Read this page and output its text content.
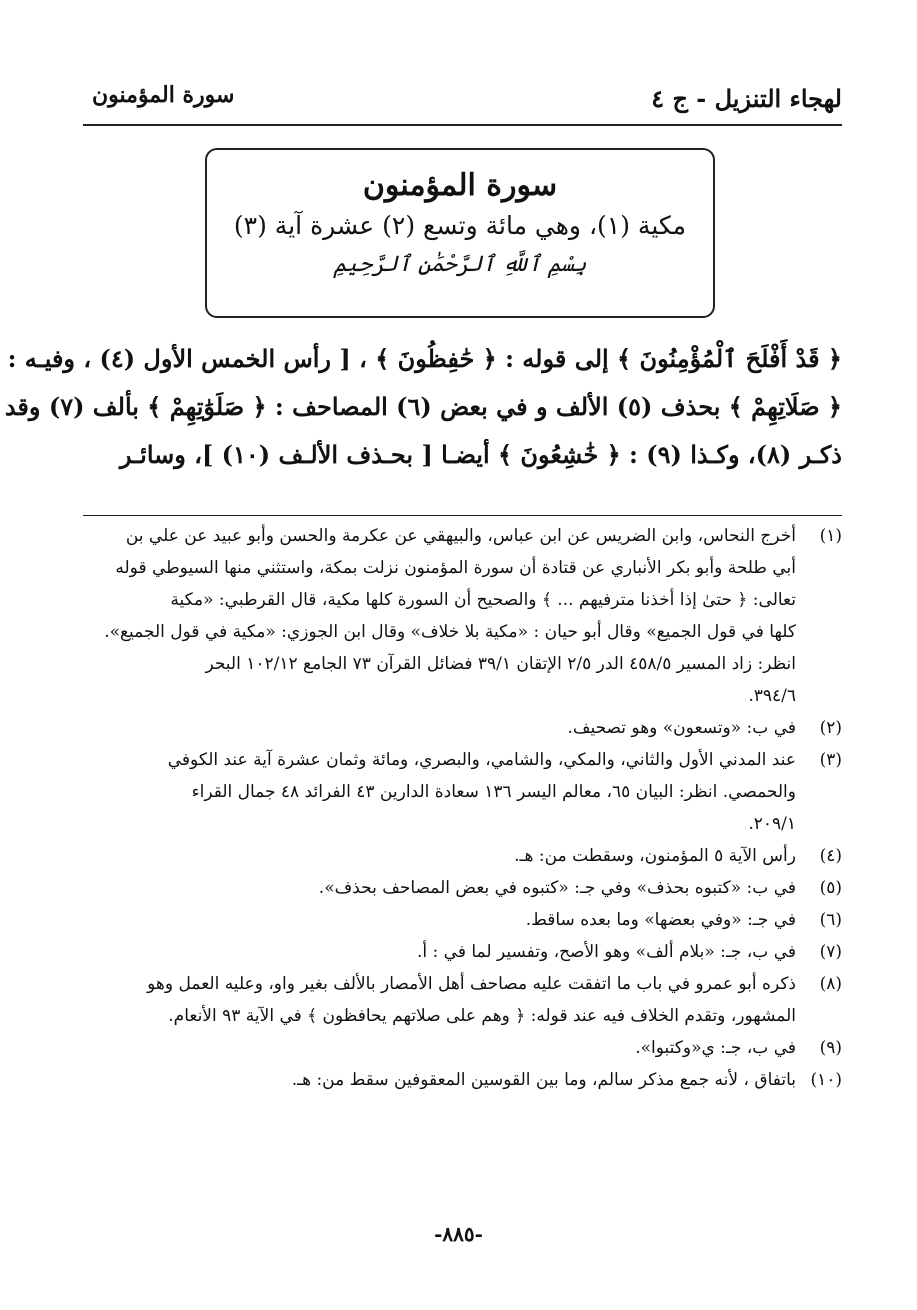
لهجاء التنزيل - ج ٤
سورة المؤمنون
سورة المؤمنون
مكية (١)، وهي مائة وتسع (٢) عشرة آية (٣)
بِسْمِ ٱللَّهِ ٱلرَّحْمَٰنِ ٱلرَّحِيمِ
﴿ قَدْ أَفْلَحَ ٱلْمُؤْمِنُونَ ﴾ إلى قوله : ﴿ حَٰفِظُونَ ﴾ ، [ رأس الخمس الأول (٤) ، وفيـه :
﴿ صَلَاتِهِمْ ﴾ بحذف (٥) الألف و في بعض (٦) المصاحف : ﴿ صَلَوَٰتِهِمْ ﴾ بألف (٧) وقد
ذكـر (٨)، وكـذا (٩) : ﴿ خَٰشِعُونَ ﴾ أيضـا [ بحـذف الألـف (١٠) ]، وسائـر
(١)
أخرج النحاس، وابن الضريس عن ابن عباس، والبيهقي عن عكرمة والحسن وأبو عبيد عن علي بن
أبي طلحة وأبو بكر الأنباري عن قتادة أن سورة المؤمنون نزلت بمكة، واستثني منها السيوطي قوله
تعالى: ﴿ حتىٰ إذا أخذنا مترفيهم ... ﴾ والصحيح أن السورة كلها مكية، قال القرطبي: «مكية
كلها في قول الجميع» وقال أبو حيان : «مكية بلا خلاف» وقال ابن الجوزي: «مكية في قول الجميع».
انظر: زاد المسير ٤٥٨/٥ الدر ٢/٥ الإتقان ٣٩/١ فضائل القرآن ٧٣ الجامع ١٠٢/١٢ البحر
٣٩٤/٦.
(٢)
في ب: «وتسعون» وهو تصحيف.
(٣)
عند المدني الأول والثاني، والمكي، والشامي، والبصري، ومائة وثمان عشرة آية عند الكوفي
والحمصي. انظر: البيان ٦٥، معالم اليسر ١٣٦ سعادة الدارين ٤٣ الفرائد ٤٨ جمال القراء
٢٠٩/١.
(٤)
رأس الآية ٥ المؤمنون، وسقطت من: هـ.
(٥)
في ب: «كتبوه بحذف» وفي جـ: «كتبوه في بعض المصاحف بحذف».
(٦)
في جـ: «وفي بعضها» وما بعده ساقط.
(٧)
في ب، جـ: «بلام ألف» وهو الأصح، وتفسير لما في : أ.
(٨)
ذكره أبو عمرو في باب ما اتفقت عليه مصاحف أهل الأمصار بالألف بغير واو، وعليه العمل وهو
المشهور، وتقدم الخلاف فيه عند قوله: ﴿ وهم على صلاتهم يحافظون ﴾ في الآية ٩٣ الأنعام.
(٩)
في ب، جـ: ي«وكتبوا».
(١٠)
باتفاق ، لأنه جمع مذكر سالم، وما بين القوسين المعقوفين سقط من: هـ.
-٨٨٥-
